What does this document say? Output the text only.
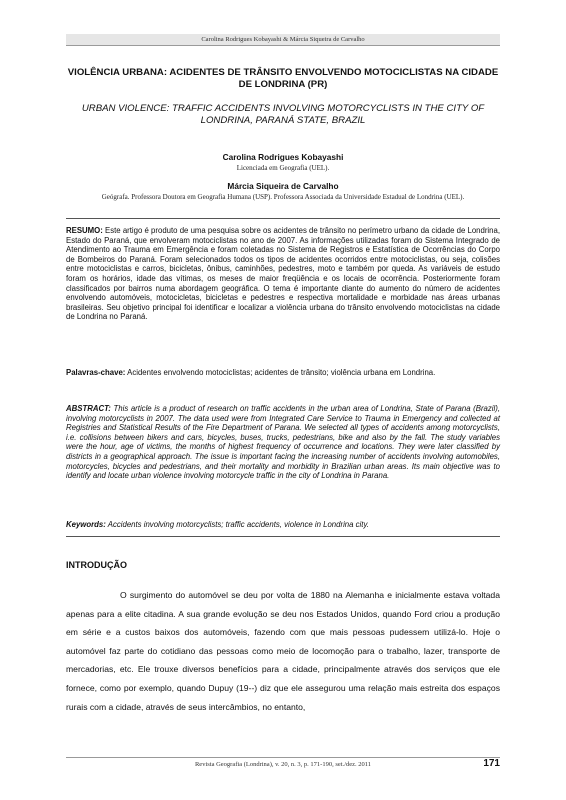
Carolina Rodrigues Kobayashi & Márcia Siqueira de Carvalho
VIOLÊNCIA URBANA: ACIDENTES DE TRÂNSITO ENVOLVENDO MOTOCICLISTAS NA CIDADE DE LONDRINA (PR)
URBAN VIOLENCE: TRAFFIC ACCIDENTS INVOLVING MOTORCYCLISTS IN THE CITY OF LONDRINA, PARANÁ STATE, BRAZIL
Carolina Rodrigues Kobayashi
Licenciada em Geografia (UEL).
Márcia Siqueira de Carvalho
Geógrafa. Professora Doutora em Geografia Humana (USP). Professora Associada da Universidade Estadual de Londrina (UEL).
RESUMO: Este artigo é produto de uma pesquisa sobre os acidentes de trânsito no perímetro urbano da cidade de Londrina, Estado do Paraná, que envolveram motociclistas no ano de 2007. As informações utilizadas foram do Sistema Integrado de Atendimento ao Trauma em Emergência e foram coletadas no Sistema de Registros e Estatística de Ocorrências do Corpo de Bombeiros do Paraná. Foram selecionados todos os tipos de acidentes ocorridos entre motociclistas, ou seja, colisões entre motociclistas e carros, bicicletas, ônibus, caminhões, pedestres, moto e também por queda. As variáveis de estudo foram os horários, idade das vítimas, os meses de maior freqüência e os locais de ocorrência. Posteriormente foram classificados por bairros numa abordagem geográfica. O tema é importante diante do aumento do número de acidentes envolvendo automóveis, motocicletas, bicicletas e pedestres e respectiva mortalidade e morbidade nas áreas urbanas brasileiras. Seu objetivo principal foi identificar e localizar a violência urbana do trânsito envolvendo motociclistas na cidade de Londrina no Paraná.
Palavras-chave: Acidentes envolvendo motociclistas; acidentes de trânsito; violência urbana em Londrina.
ABSTRACT: This article is a product of research on traffic accidents in the urban area of Londrina, State of Parana (Brazil), involving motorcyclists in 2007. The data used were from Integrated Care Service to Trauma in Emergency and collected at Registries and Statistical Results of the Fire Department of Parana. We selected all types of accidents among motorcyclists, i.e. collisions between bikers and cars, bicycles, buses, trucks, pedestrians, bike and also by the fall. The study variables were the hour, age of victims, the months of highest frequency of occurrence and locations. They were later classified by districts in a geographical approach. The issue is important facing the increasing number of accidents involving automobiles, motorcycles, bicycles and pedestrians, and their mortality and morbidity in Brazilian urban areas. Its main objective was to identify and locate urban violence involving motorcycle traffic in the city of Londrina in Parana.
Keywords: Accidents involving motorcyclists; traffic accidents, violence in Londrina city.
INTRODUÇÃO
O surgimento do automóvel se deu por volta de 1880 na Alemanha e inicialmente estava voltada apenas para a elite citadina. A sua grande evolução se deu nos Estados Unidos, quando Ford criou a produção em série e a custos baixos dos automóveis, fazendo com que mais pessoas pudessem utilizá-lo. Hoje o automóvel faz parte do cotidiano das pessoas como meio de locomoção para o trabalho, lazer, transporte de mercadorias, etc. Ele trouxe diversos benefícios para a cidade, principalmente através dos serviços que ele fornece, como por exemplo, quando Dupuy (19--) diz que ele assegurou uma relação mais estreita dos espaços rurais com a cidade, através de seus intercâmbios, no entanto,
Revista Geografia (Londrina), v. 20, n. 3, p. 171-190, set./dez. 2011	171
